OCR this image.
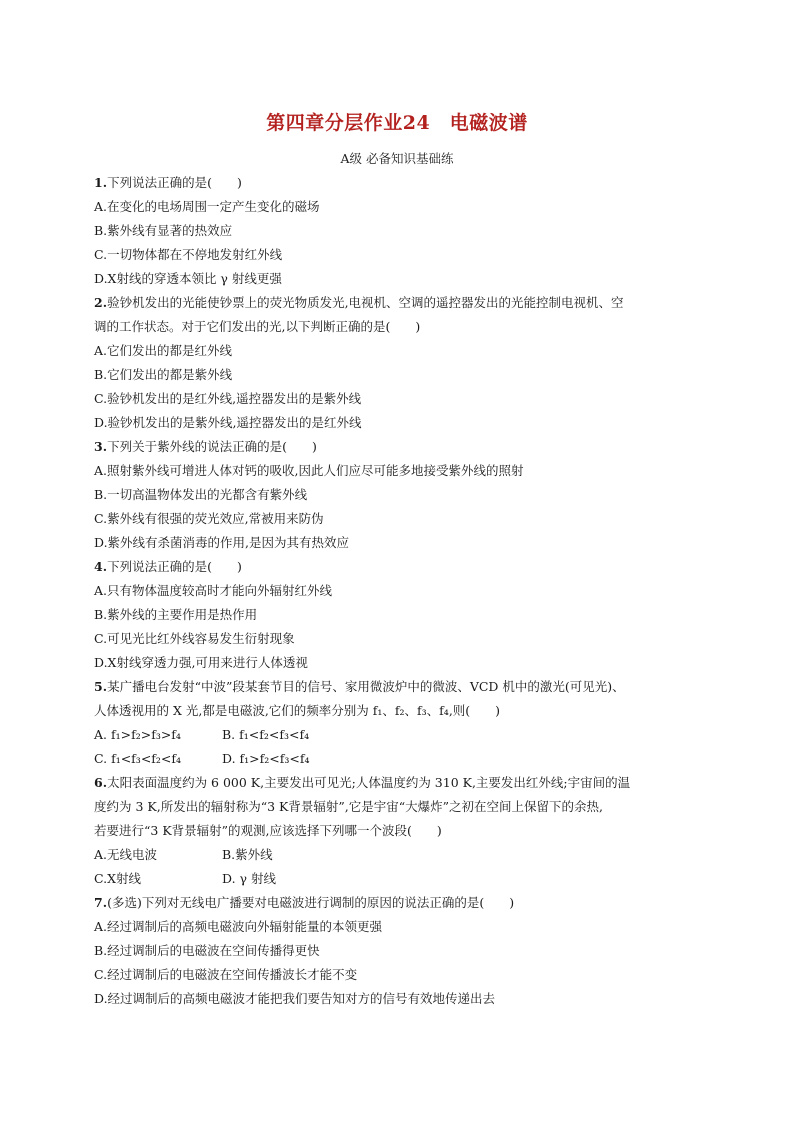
第四章分层作业24　电磁波谱
A级 必备知识基础练

1.下列说法正确的是(　　)

A.在变化的电场周围一定产生变化的磁场

B.紫外线有显著的热效应

C.一切物体都在不停地发射红外线

D.X射线的穿透本领比 γ 射线更强

2.验钞机发出的光能使钞票上的荧光物质发光,电视机、空调的遥控器发出的光能控制电视机、空

调的工作状态。对于它们发出的光,以下判断正确的是(　　)

A.它们发出的都是红外线

B.它们发出的都是紫外线

C.验钞机发出的是红外线,遥控器发出的是紫外线

D.验钞机发出的是紫外线,遥控器发出的是红外线

3.下列关于紫外线的说法正确的是(　　)

A.照射紫外线可增进人体对钙的吸收,因此人们应尽可能多地接受紫外线的照射

B.一切高温物体发出的光都含有紫外线

C.紫外线有很强的荧光效应,常被用来防伪

D.紫外线有杀菌消毒的作用,是因为其有热效应

4.下列说法正确的是(　　)

A.只有物体温度较高时才能向外辐射红外线

B.紫外线的主要作用是热作用

C.可见光比红外线容易发生衍射现象

D.X射线穿透力强,可用来进行人体透视

5.某广播电台发射“中波”段某套节目的信号、家用微波炉中的微波、VCD 机中的激光(可见光)、

人体透视用的 X 光,都是电磁波,它们的频率分别为 f₁、f₂、f₃、f₄,则(　　)

A. f₁>f₂>f₃>f₄	B. f₁<f₂<f₃<f₄
C. f₁<f₃<f₂<f₄	D. f₁>f₂<f₃<f₄

6.太阳表面温度约为 6 000 K,主要发出可见光;人体温度约为 310 K,主要发出红外线;宇宙间的温

度约为 3 K,所发出的辐射称为“3 K背景辐射”,它是宇宙“大爆炸”之初在空间上保留下的余热,

若要进行“3 K背景辐射”的观测,应该选择下列哪一个波段(　　)

A.无线电波	B.紫外线
C.X射线	D. γ 射线

7.(多选)下列对无线电广播要对电磁波进行调制的原因的说法正确的是(　　)

A.经过调制后的高频电磁波向外辐射能量的本领更强

B.经过调制后的电磁波在空间传播得更快

C.经过调制后的电磁波在空间传播波长才能不变

D.经过调制后的高频电磁波才能把我们要告知对方的信号有效地传递出去
